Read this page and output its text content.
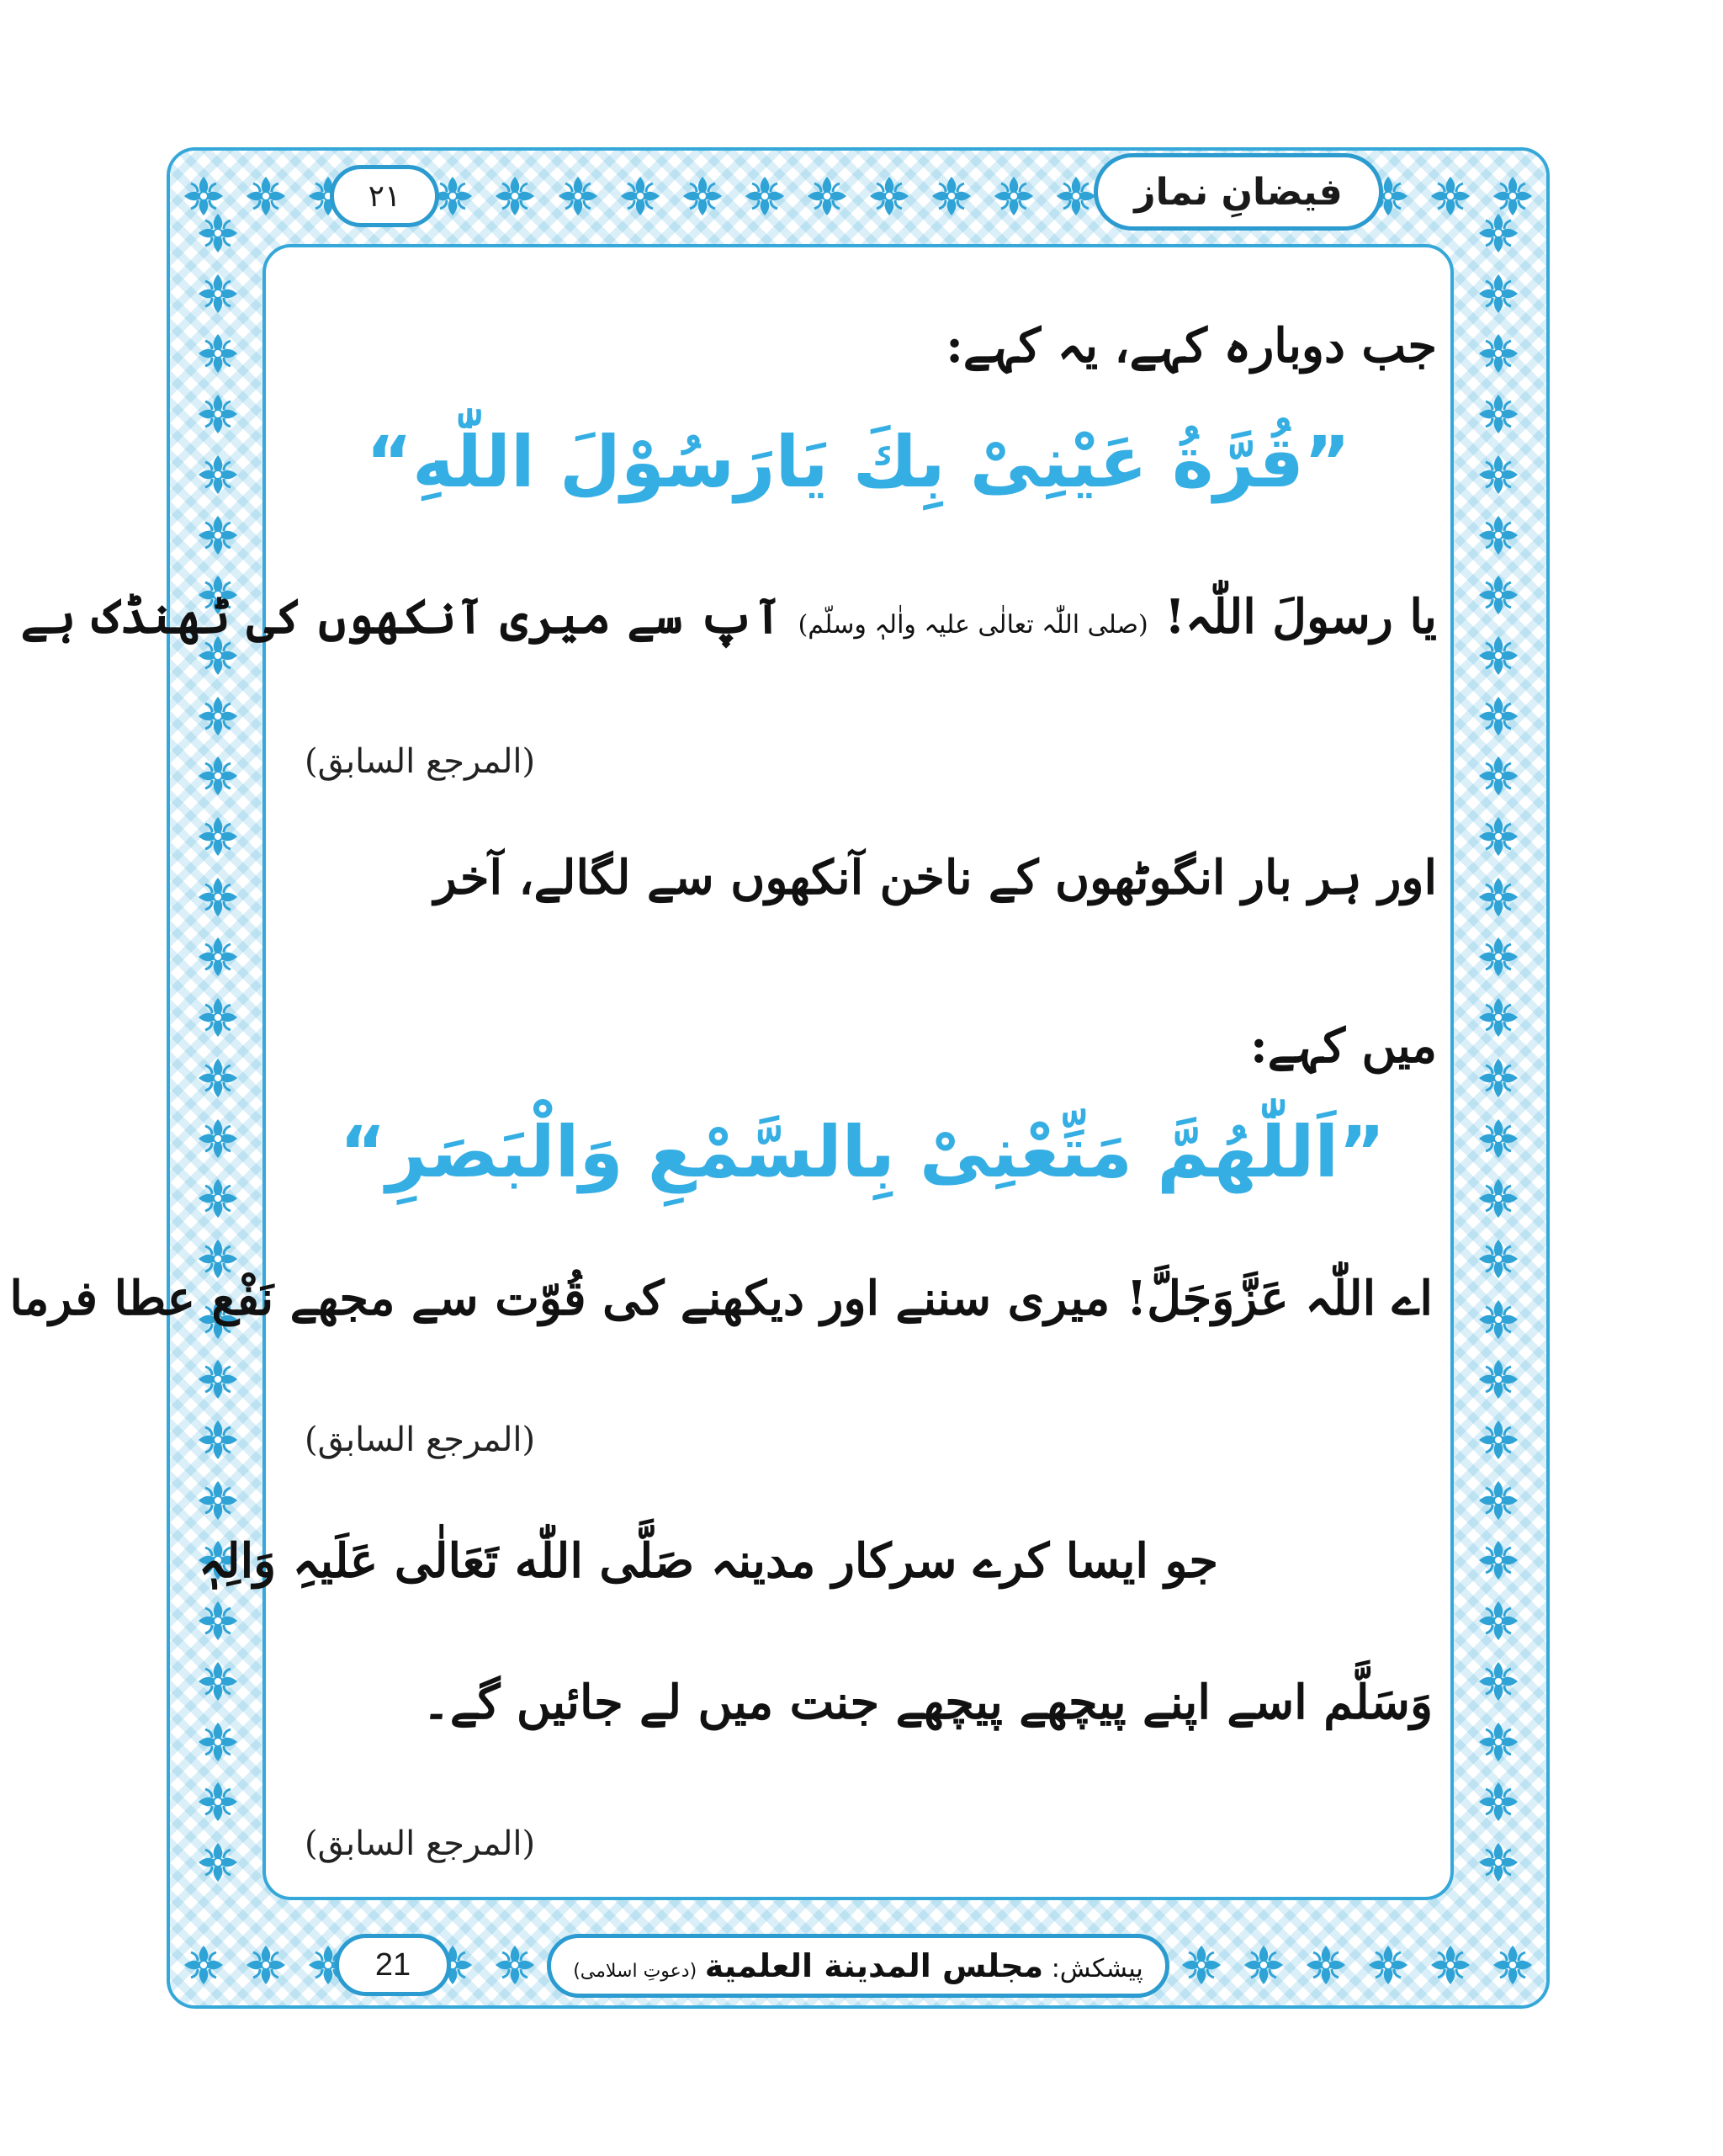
فیضانِ نماز
۲۱
جب دوبارہ کہے، یہ کہے:
”قُرَّةُ عَيْنِىْ بِكَ يَارَسُوْلَ اللّٰهِ“
یا رسولَ اللّٰہ! (صلی اللّٰہ تعالٰی علیہ واٰلہٖ وسلّم) آپ سے میری آنکھوں کی ٹھنڈک ہے
(المرجع السابق)
اور ہر بار انگوٹھوں کے ناخن آنکھوں سے لگالے، آخر
میں کہے:
”اَللّٰهُمَّ مَتِّعْنِىْ بِالسَّمْعِ وَالْبَصَرِ“
اے اللّٰہ عَزَّوَجَلَّ! میری سننے اور دیکھنے کی قُوّت سے مجھے نَفْع عطا فرما
(المرجع السابق)
جو ایسا کرے سرکار مدینہ صَلَّى اللّٰه تَعَالٰی عَلَیہِ وَالِہٖ
وَسَلَّم اسے اپنے پیچھے پیچھے جنت میں لے جائیں گے۔
(المرجع السابق)
21	پیشکش: مجلس المدينة العلمية (دعوتِ اسلامی)
